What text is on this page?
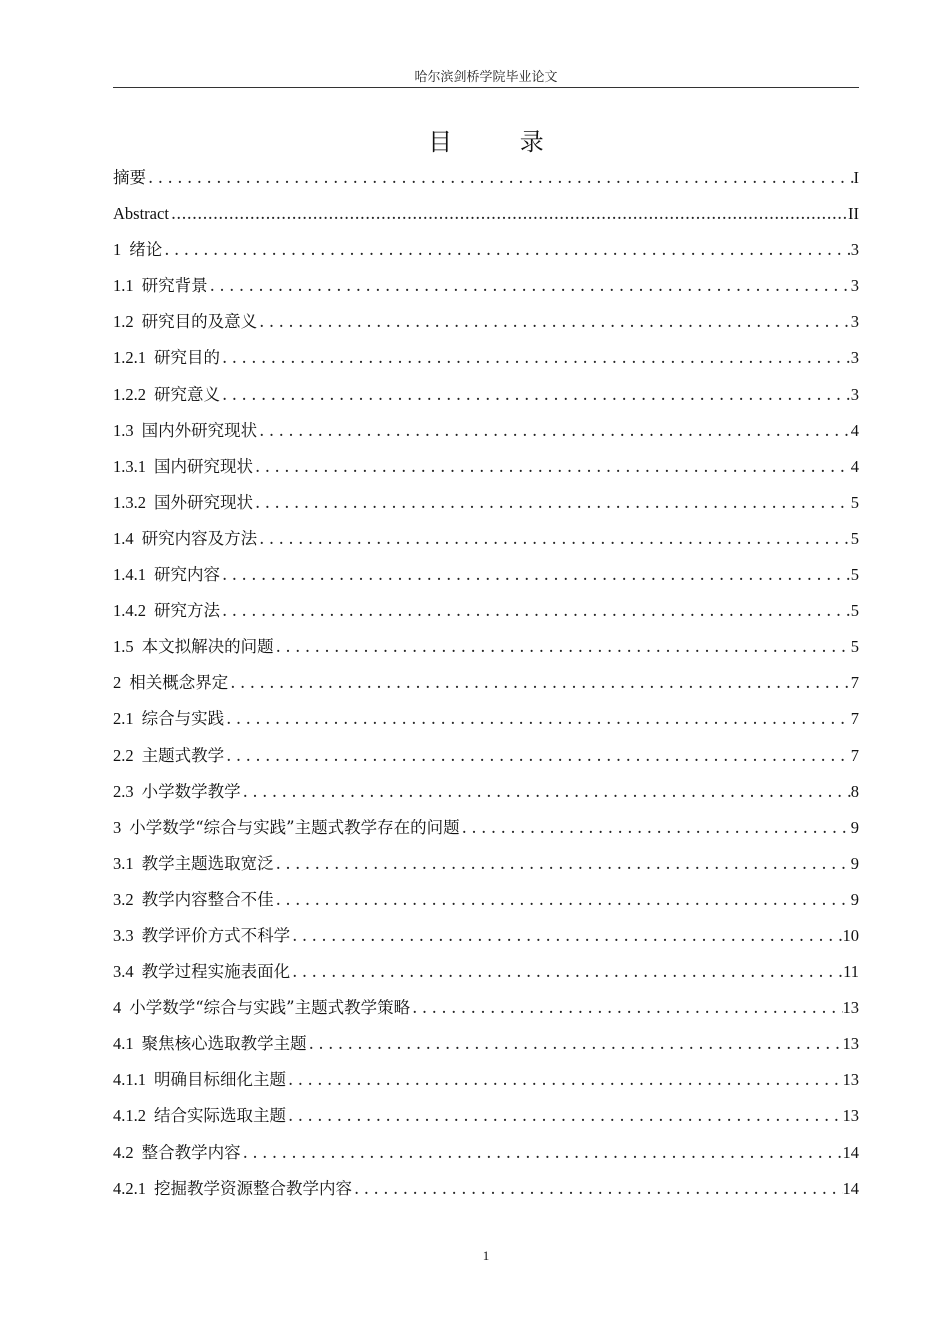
哈尔滨剑桥学院毕业论文
目 录
摘要 .....	I
Abstract .....	II
1 绪论 .....	3
1.1 研究背景 .....	3
1.2 研究目的及意义 .....	3
1.2.1 研究目的 .....	3
1.2.2 研究意义 .....	3
1.3 国内外研究现状 .....	4
1.3.1 国内研究现状 .....	4
1.3.2 国外研究现状 .....	5
1.4 研究内容及方法 .....	5
1.4.1 研究内容 .....	5
1.4.2 研究方法 .....	5
1.5 本文拟解决的问题 .....	5
2 相关概念界定 .....	7
2.1 综合与实践 .....	7
2.2 主题式教学 .....	7
2.3 小学数学教学 .....	8
3 小学数学“综合与实践”主题式教学存在的问题 .....	9
3.1 教学主题选取宽泛 .....	9
3.2 教学内容整合不佳 .....	9
3.3 教学评价方式不科学 .....	10
3.4 教学过程实施表面化 .....	11
4 小学数学“综合与实践”主题式教学策略 .....	13
4.1 聚焦核心选取教学主题 .....	13
4.1.1 明确目标细化主题 .....	13
4.1.2 结合实际选取主题 .....	13
4.2 整合教学内容 .....	14
4.2.1 挖掘教学资源整合教学内容 .....	14
1
